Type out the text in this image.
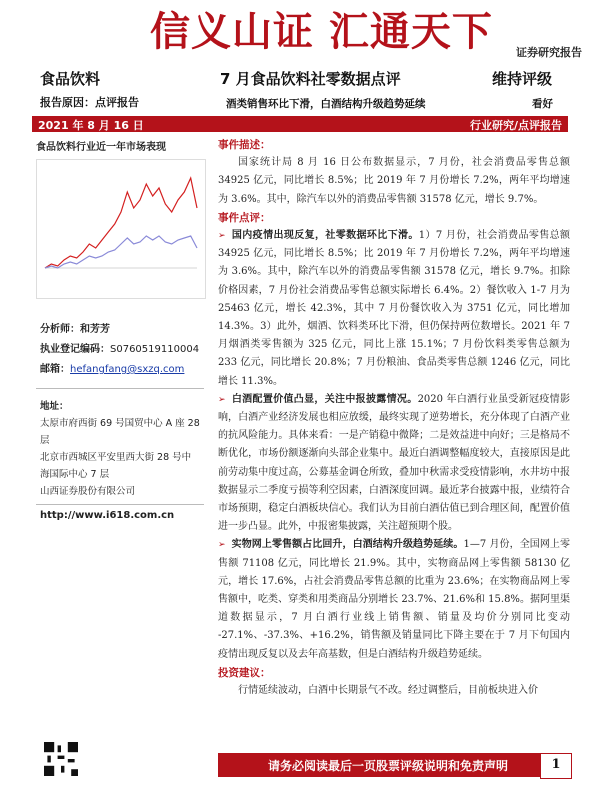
信义山证 汇通天下 证券研究报告
食品饮料	7 月食品饮料社零数据点评	维持评级
报告原因：点评报告	酒类销售环比下滑，白酒结构升级趋势延续	看好
2021 年 8 月 16 日	行业研究/点评报告
食品饮料行业近一年市场表现
分析师：和芳芳
执业登记编码：S0760519110004
邮箱：hefangfang@sxzq.com
地址：
太原市府西街 69 号国贸中心 A 座 28 层
北京市西城区平安里西大街 28 号中海国际中心 7 层
山西证券股份有限公司
http://www.i618.com.cn
事件描述：
国家统计局 8 月 16 日公布数据显示，7 月份，社会消费品零售总额 34925 亿元，同比增长 8.5%；比 2019 年 7 月份增长 7.2%，两年平均增速为 3.6%。其中，除汽车以外的消费品零售额 31578 亿元，增长 9.7%。
事件点评：
➢ 国内疫情出现反复，社零数据环比下滑。1）7 月份，社会消费品零售总额 34925 亿元，同比增长 8.5%；比 2019 年 7 月份增长 7.2%，两年平均增速为 3.6%。其中，除汽车以外的消费品零售额 31578 亿元，增长 9.7%。扣除价格因素，7 月份社会消费品零售总额实际增长 6.4%。2）餐饮收入 1-7 月为 25463 亿元，增长 42.3%，其中 7 月份餐饮收入为 3751 亿元，同比增加 14.3%。3）此外，烟酒、饮料类环比下滑，但仍保持两位数增长。2021 年 7 月烟酒类零售额为 325 亿元，同比上涨 15.1%；7 月份饮料类零售总额为 233 亿元，同比增长 20.8%；7 月份粮油、食品类零售总额 1246 亿元，同比增长 11.3%。
➢ 白酒配置价值凸显，关注中报披露情况。2020 年白酒行业虽受新冠疫情影响，白酒产业经济发展也相应放缓，最终实现了逆势增长，充分体现了白酒产业的抗风险能力。具体来看：一是产销稳中微降；二是效益进中向好；三是格局不断优化，市场份额逐渐向头部企业集中。最近白酒调整幅度较大，直接原因是此前劳动集中度过高，公募基金调仓所致，叠加中秋需求受疫情影响，水井坊中报数据显示二季度亏损等利空因素，白酒深度回调。最近茅台披露中报，业绩符合市场预期，稳定白酒板块信心。我们认为目前白酒估值已到合理区间，配置价值进一步凸显。此外，中报密集披露，关注超预期个股。
➢ 实物网上零售额占比回升，白酒结构升级趋势延续。1—7 月份，全国网上零售额 71108 亿元，同比增长 21.9%。其中，实物商品网上零售额 58130 亿元，增长 17.6%，占社会消费品零售总额的比重为 23.6%；在实物商品网上零售额中，吃类、穿类和用类商品分别增长 23.7%、21.6%和 15.8%。据阿里渠道数据显示，7 月白酒行业线上销售额、销量及均价分别同比变动 -27.1%、-37.3%、+16.2%，销售额及销量同比下降主要在于 7 月下旬国内疫情出现反复以及去年高基数，但是白酒结构升级趋势延续。
投资建议：
行情延续波动，白酒中长期景气不改。经过调整后，目前板块进入价
请务必阅读最后一页股票评级说明和免责声明	1
